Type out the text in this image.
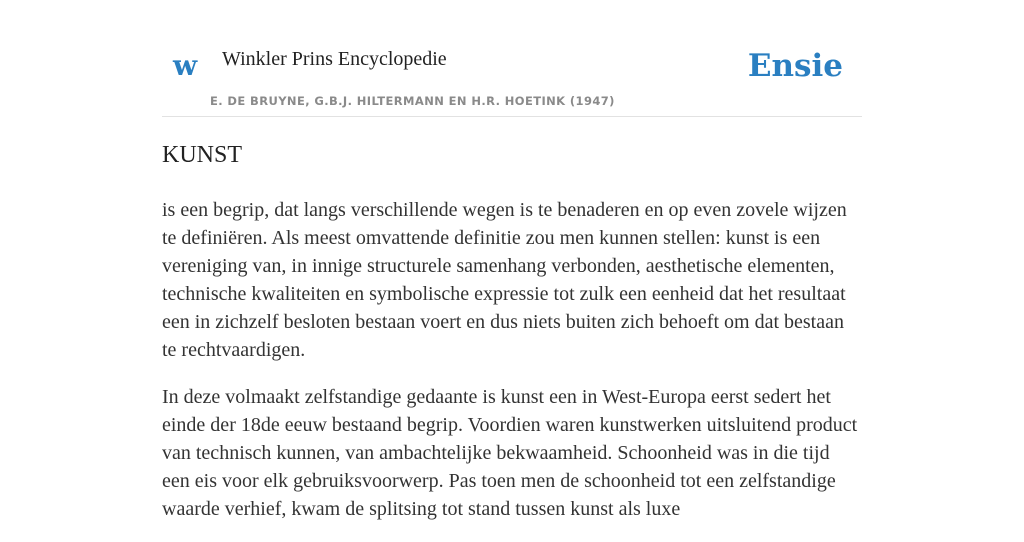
w Winkler Prins Encyclopedie
E. DE BRUYNE, G.B.J. HILTERMANN EN H.R. HOETINK (1947)
Ensie
KUNST

is een begrip, dat langs verschillende wegen is te benaderen en op even zovele wijzen te definiëren. Als meest omvattende definitie zou men kunnen stellen: kunst is een vereniging van, in innige structurele samenhang verbonden, aesthetische elementen, technische kwaliteiten en symbolische expressie tot zulk een eenheid dat het resultaat een in zichzelf besloten bestaan voert en dus niets buiten zich behoeft om dat bestaan te rechtvaardigen.

In deze volmaakt zelfstandige gedaante is kunst een in West-Europa eerst sedert het einde der 18de eeuw bestaand begrip. Voordien waren kunstwerken uitsluitend product van technisch kunnen, van ambachtelijke bekwaamheid. Schoonheid was in die tijd een eis voor elk gebruiksvoorwerp. Pas toen men de schoonheid tot een zelfstandige waarde verhief, kwam de splitsing tot stand tussen kunst als luxe
